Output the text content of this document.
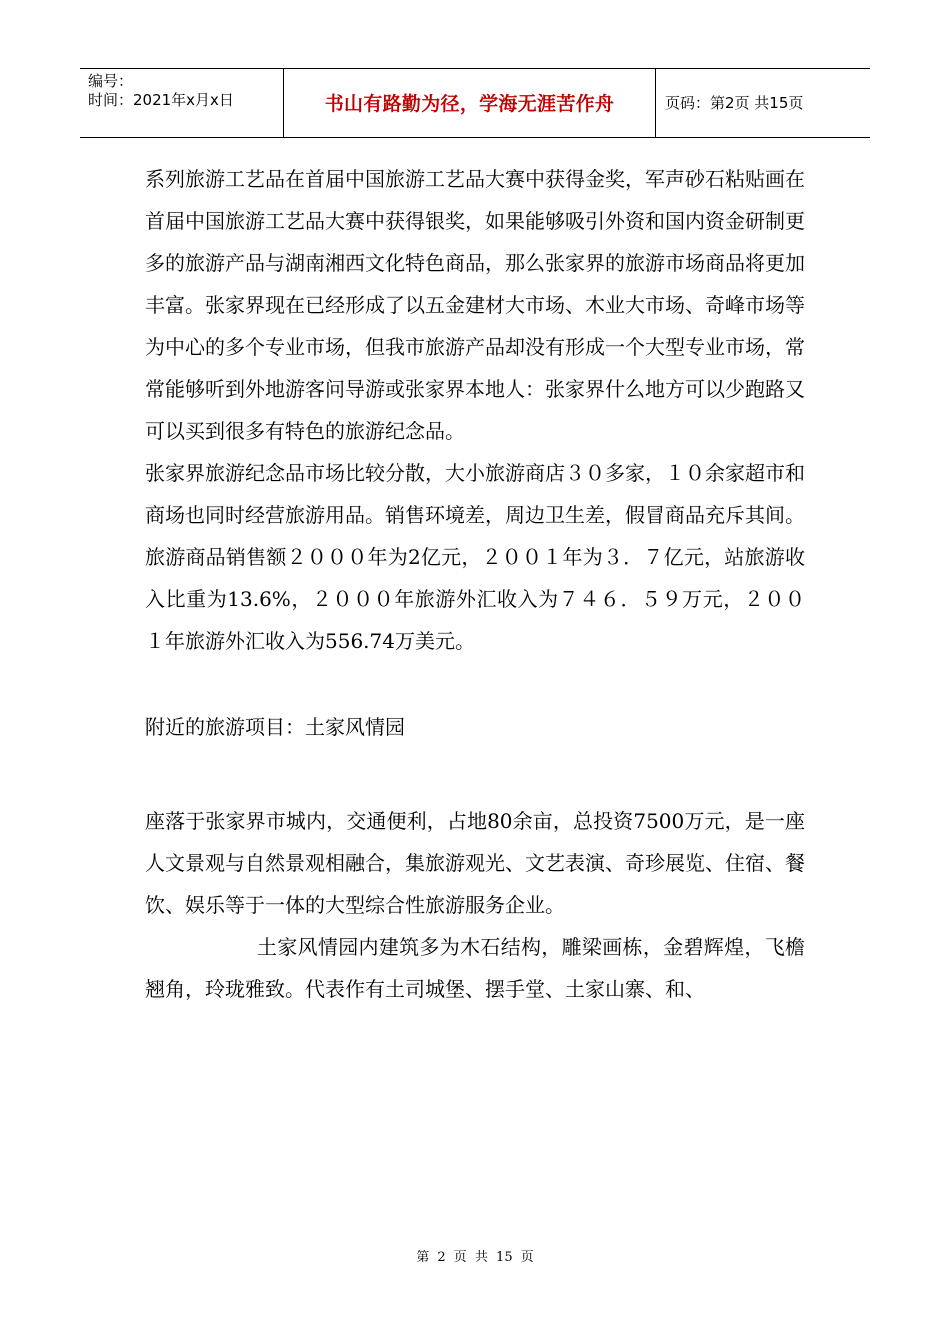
编号：
时间：2021年x月x日	书山有路勤为径，学海无涯苦作舟	页码：第2页 共15页

系列旅游工艺品在首届中国旅游工艺品大赛中获得金奖，军声砂石粘贴画在首届中国旅游工艺品大赛中获得银奖，如果能够吸引外资和国内资金研制更多的旅游产品与湖南湘西文化特色商品，那么张家界的旅游市场商品将更加丰富。张家界现在已经形成了以五金建材大市场、木业大市场、奇峰市场等为中心的多个专业市场，但我市旅游产品却没有形成一个大型专业市场，常常能够听到外地游客问导游或张家界本地人：张家界什么地方可以少跑路又可以买到很多有特色的旅游纪念品。

张家界旅游纪念品市场比较分散，大小旅游商店３０多家，１０余家超市和商场也同时经营旅游用品。销售环境差，周边卫生差，假冒商品充斥其间。旅游商品销售额２０００年为2亿元，２００１年为３．７亿元，站旅游收入比重为13.6%，２０００年旅游外汇收入为７４６．５９万元，２００１年旅游外汇收入为556.74万美元。

附近的旅游项目：土家风情园

座落于张家界市城内，交通便利，占地80余亩，总投资7500万元，是一座人文景观与自然景观相融合，集旅游观光、文艺表演、奇珍展览、住宿、餐饮、娱乐等于一体的大型综合性旅游服务企业。

土家风情园内建筑多为木石结构，雕梁画栋，金碧辉煌，飞檐翘角，玲珑雅致。代表作有土司城堡、摆手堂、土家山寨、和、

第 2 页 共 15 页
